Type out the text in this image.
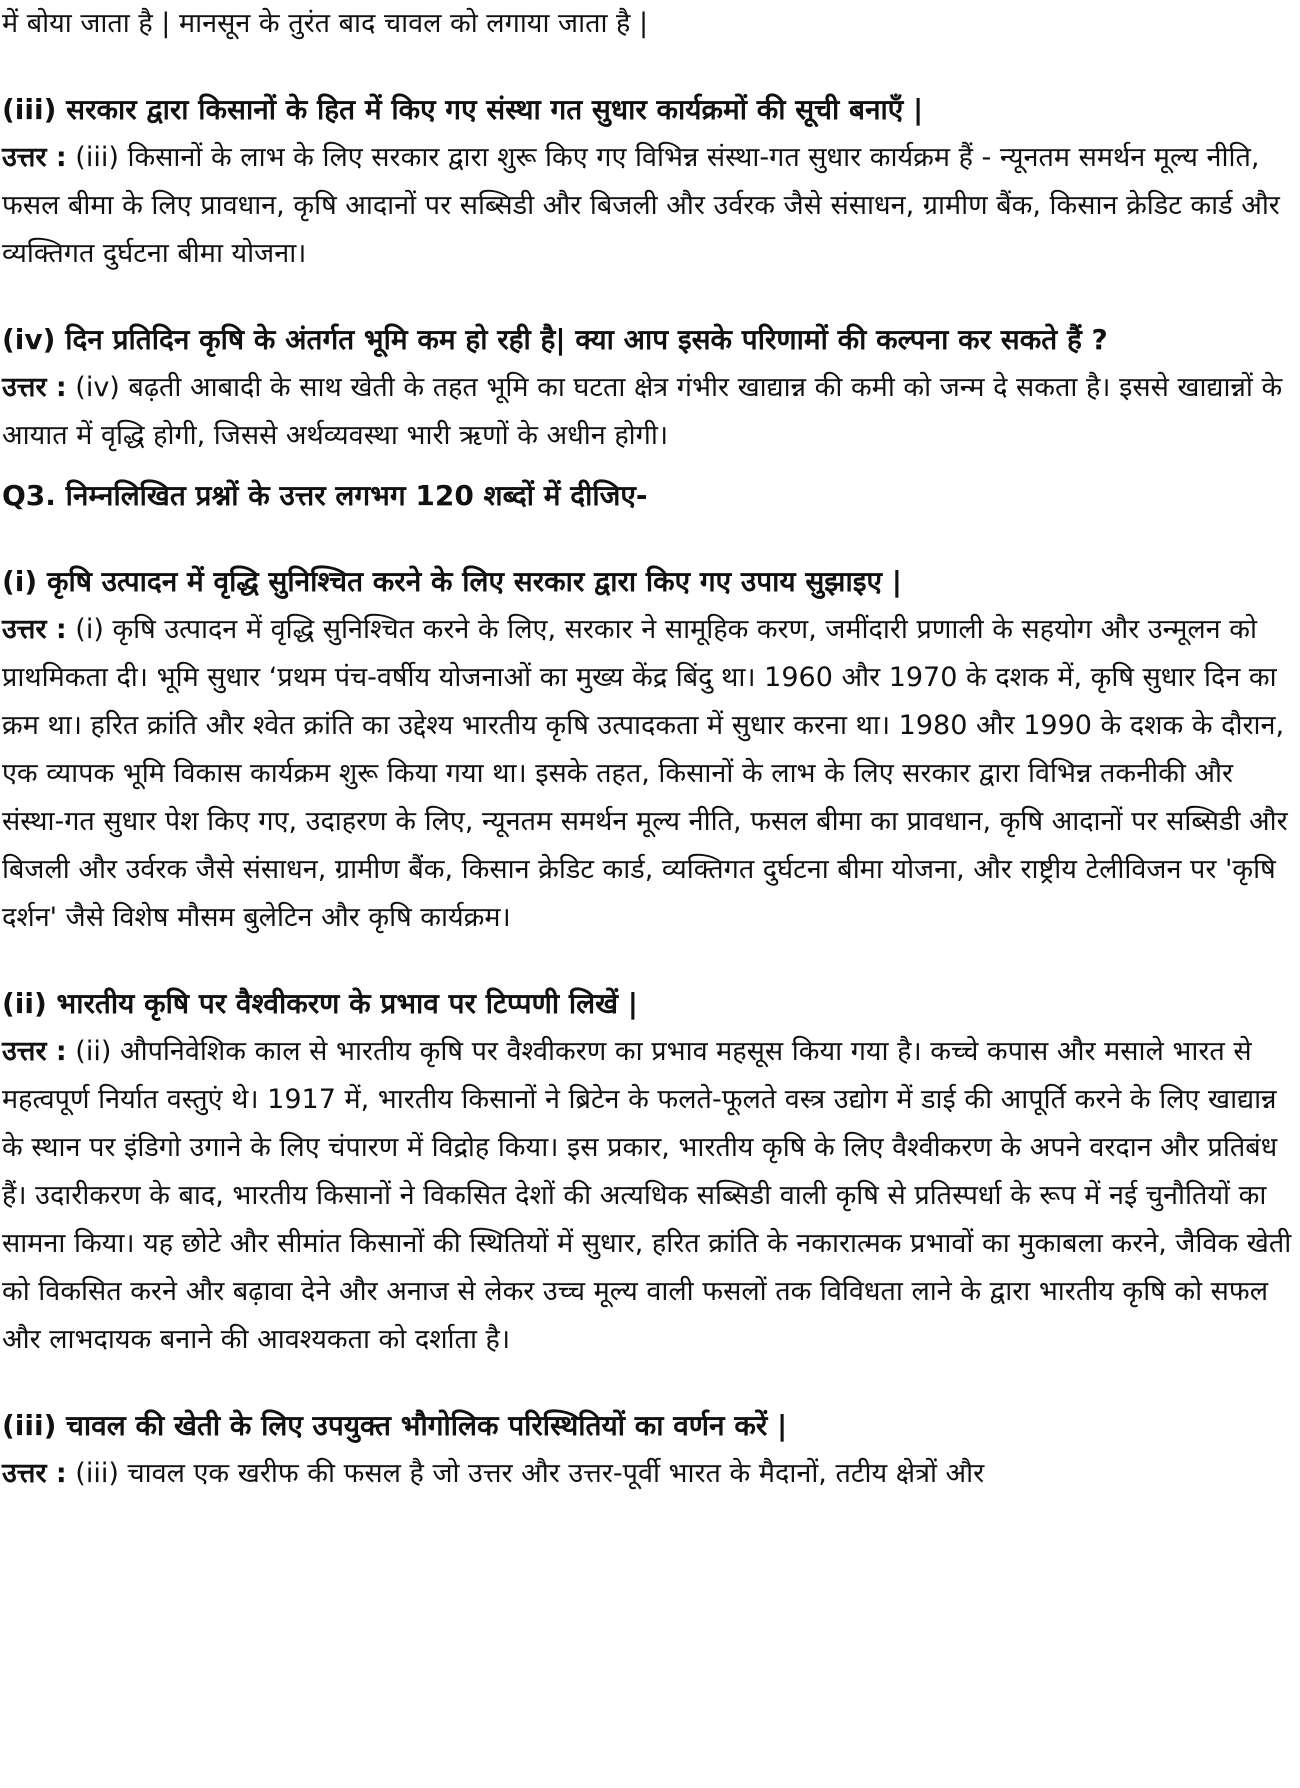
में बोया जाता है | मानसून के तुरंत बाद चावल को लगाया जाता है |

(iii) सरकार द्वारा किसानों के हित में किए गए संस्था गत सुधार कार्यक्रमों की सूची बनाएँ |

उत्तर : (iii) किसानों के लाभ के लिए सरकार द्वारा शुरू किए गए विभिन्न संस्था-गत सुधार कार्यक्रम हैं - न्यूनतम समर्थन मूल्य नीति, फसल बीमा के लिए प्रावधान, कृषि आदानों पर सब्सिडी और बिजली और उर्वरक जैसे संसाधन, ग्रामीण बैंक, किसान क्रेडिट कार्ड और व्यक्तिगत दुर्घटना बीमा योजना।

(iv) दिन प्रतिदिन कृषि के अंतर्गत भूमि कम हो रही है| क्या आप इसके परिणामों की कल्पना कर सकते हैं ?

उत्तर : (iv) बढ़ती आबादी के साथ खेती के तहत भूमि का घटता क्षेत्र गंभीर खाद्यान्न की कमी को जन्म दे सकता है। इससे खाद्यान्नों के आयात में वृद्धि होगी, जिससे अर्थव्यवस्था भारी ऋणों के अधीन होगी।

Q3. निम्नलिखित प्रश्नों के उत्तर लगभग 120 शब्दों में दीजिए-

(i) कृषि उत्पादन में वृद्धि सुनिश्चित करने के लिए सरकार द्वारा किए गए उपाय सुझाइए |

उत्तर : (i) कृषि उत्पादन में वृद्धि सुनिश्चित करने के लिए, सरकार ने सामूहिक करण, जमींदारी प्रणाली के सहयोग और उन्मूलन को प्राथमिकता दी। भूमि सुधार ‘प्रथम पंच-वर्षीय योजनाओं का मुख्य केंद्र बिंदु था। 1960 और 1970 के दशक में, कृषि सुधार दिन का क्रम था। हरित क्रांति और श्वेत क्रांति का उद्देश्य भारतीय कृषि उत्पादकता में सुधार करना था। 1980 और 1990 के दशक के दौरान, एक व्यापक भूमि विकास कार्यक्रम शुरू किया गया था। इसके तहत, किसानों के लाभ के लिए सरकार द्वारा विभिन्न तकनीकी और संस्था-गत सुधार पेश किए गए, उदाहरण के लिए, न्यूनतम समर्थन मूल्य नीति, फसल बीमा का प्रावधान, कृषि आदानों पर सब्सिडी और बिजली और उर्वरक जैसे संसाधन, ग्रामीण बैंक, किसान क्रेडिट कार्ड, व्यक्तिगत दुर्घटना बीमा योजना, और राष्ट्रीय टेलीविजन पर 'कृषि दर्शन' जैसे विशेष मौसम बुलेटिन और कृषि कार्यक्रम।

(ii) भारतीय कृषि पर वैश्वीकरण के प्रभाव पर टिप्पणी लिखें |

उत्तर : (ii) औपनिवेशिक काल से भारतीय कृषि पर वैश्वीकरण का प्रभाव महसूस किया गया है। कच्चे कपास और मसाले भारत से महत्वपूर्ण निर्यात वस्तुएं थे। 1917 में, भारतीय किसानों ने ब्रिटेन के फलते-फूलते वस्त्र उद्योग में डाई की आपूर्ति करने के लिए खाद्यान्न के स्थान पर इंडिगो उगाने के लिए चंपारण में विद्रोह किया। इस प्रकार, भारतीय कृषि के लिए वैश्वीकरण के अपने वरदान और प्रतिबंध हैं। उदारीकरण के बाद, भारतीय किसानों ने विकसित देशों की अत्यधिक सब्सिडी वाली कृषि से प्रतिस्पर्धा के रूप में नई चुनौतियों का सामना किया। यह छोटे और सीमांत किसानों की स्थितियों में सुधार, हरित क्रांति के नकारात्मक प्रभावों का मुकाबला करने, जैविक खेती को विकसित करने और बढ़ावा देने और अनाज से लेकर उच्च मूल्य वाली फसलों तक विविधता लाने के द्वारा भारतीय कृषि को सफल और लाभदायक बनाने की आवश्यकता को दर्शाता है।

(iii) चावल की खेती के लिए उपयुक्त भौगोलिक परिस्थितियों का वर्णन करें |

उत्तर : (iii) चावल एक खरीफ की फसल है जो उत्तर और उत्तर-पूर्वी भारत के मैदानों, तटीय क्षेत्रों और
